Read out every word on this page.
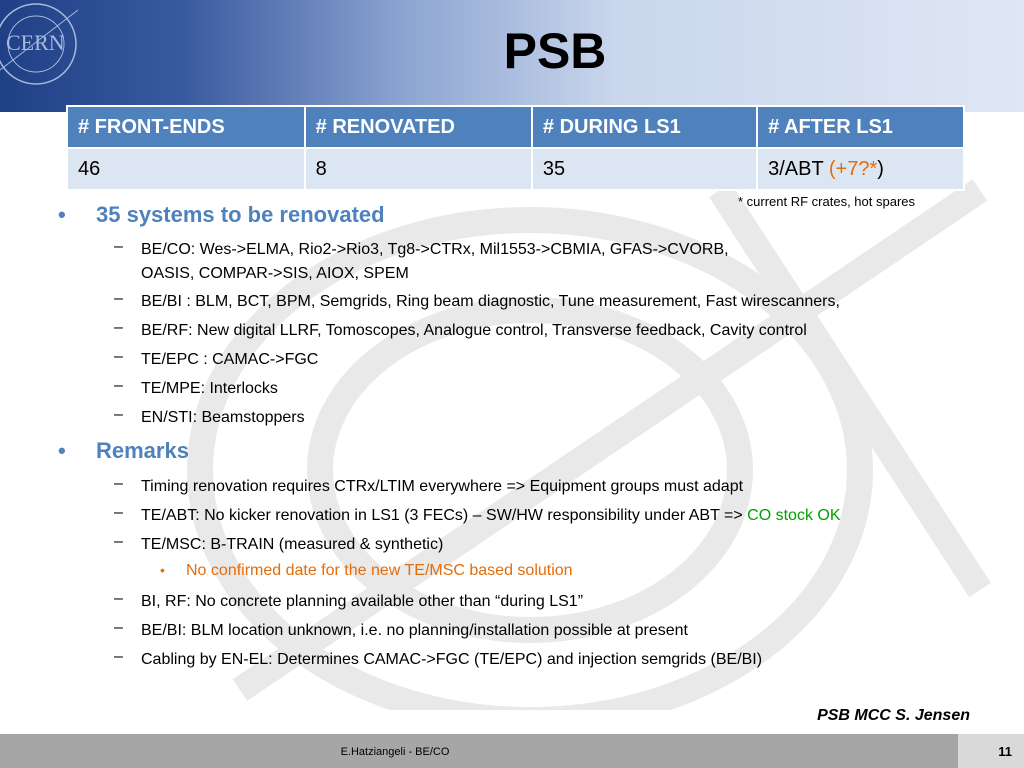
CERN	PSB
# FRONT-ENDS	# RENOVATED	# DURING LS1	# AFTER LS1
46	8	35	3/ABT (+7?*)
* current RF crates, hot spares
• 35 systems to be renovated
– BE/CO: Wes->ELMA, Rio2->Rio3, Tg8->CTRx, Mil1553->CBMIA, GFAS->CVORB,
OASIS, COMPAR->SIS, AIOX, SPEM
– BE/BI : BLM, BCT, BPM, Semgrids, Ring beam diagnostic, Tune measurement, Fast wirescanners,
– BE/RF: New digital LLRF, Tomoscopes, Analogue control, Transverse feedback, Cavity control
– TE/EPC : CAMAC->FGC
– TE/MPE: Interlocks
– EN/STI: Beamstoppers
• Remarks
– Timing renovation requires CTRx/LTIM everywhere => Equipment groups must adapt
– TE/ABT: No kicker renovation in LS1 (3 FECs) – SW/HW responsibility under ABT => CO stock OK
– TE/MSC: B-TRAIN (measured & synthetic)
• No confirmed date for the new TE/MSC based solution
– BI, RF: No concrete planning available other than “during LS1”
– BE/BI: BLM location unknown, i.e. no planning/installation possible at present
– Cabling by EN-EL: Determines CAMAC->FGC (TE/EPC) and injection semgrids (BE/BI)
PSB MCC S. Jensen
E.Hatziangeli - BE/CO	11
